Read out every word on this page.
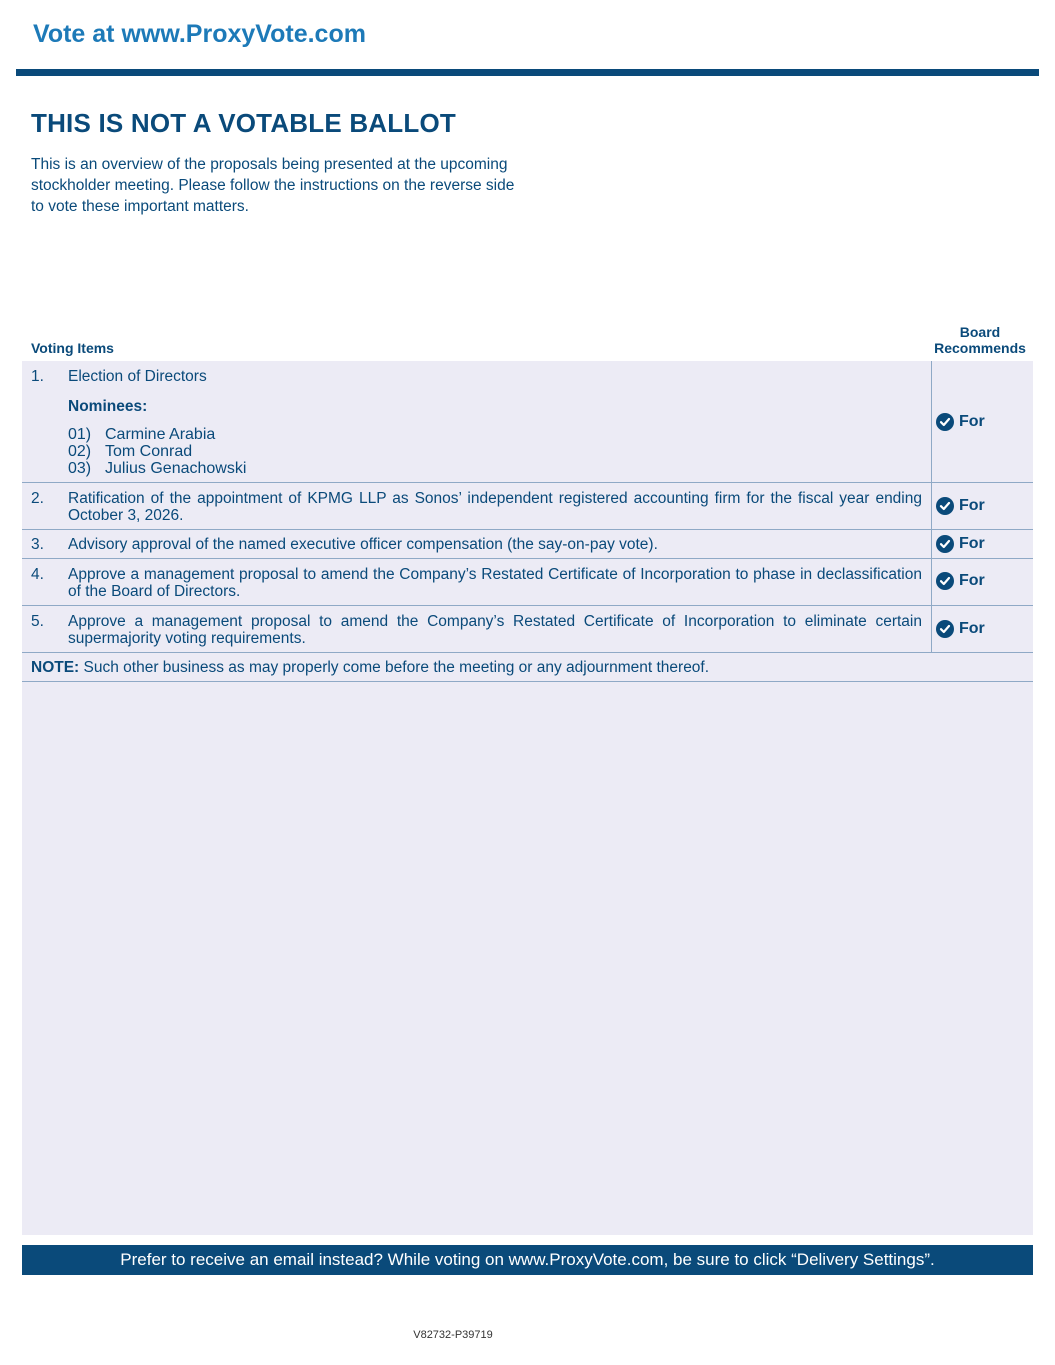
Vote at www.ProxyVote.com
THIS IS NOT A VOTABLE BALLOT
This is an overview of the proposals being presented at the upcoming stockholder meeting. Please follow the instructions on the reverse side to vote these important matters.
Voting Items
Board
Recommends
1. Election of Directors
Nominees:
01) Carmine Arabia
02) Tom Conrad
03) Julius Genachowski
For
2. Ratification of the appointment of KPMG LLP as Sonos’ independent registered accounting firm for the fiscal year ending October 3, 2026.
For
3. Advisory approval of the named executive officer compensation (the say-on-pay vote).	For
4. Approve a management proposal to amend the Company’s Restated Certificate of Incorporation to phase in declassification of the Board of Directors.
For
5. Approve a management proposal to amend the Company’s Restated Certificate of Incorporation to eliminate certain supermajority voting requirements.
For
NOTE: Such other business as may properly come before the meeting or any adjournment thereof.
Prefer to receive an email instead? While voting on www.ProxyVote.com, be sure to click “Delivery Settings”.
V82732-P39719
